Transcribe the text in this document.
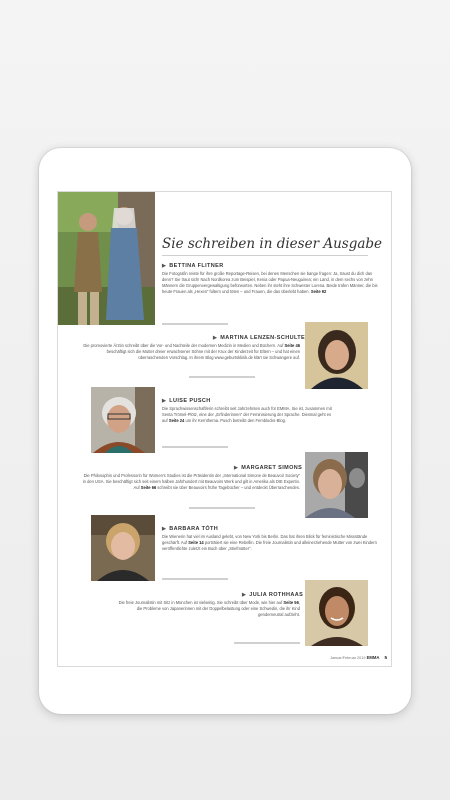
Sie schreiben in dieser Ausgabe
▶ BETTINA FLITNER
Die Fotografin reiste für ihre große Reportage-Reisen, bei denen Menschen sie bange fragen: Ja, traust du dich das denn? Sie traut sich! Nach Nordkorea zum Beispiel, Kenia oder Papua-Neuguinea; ein Land, in dem sechs von zehn Männern die Gruppenvergewaltigung befürworten. Neben ihr steht ihre Schwester Lorena. Beide trafen Männer, die bis heute Frauen als „Hexen“ foltern und töten – und Frauen, die das überlebt haben. Seite 92
▶ MARTINA LENZEN-SCHULTE
Die promovierte Ärztin schreibt über die Vor- und Nachteile der modernen Medizin in Medien und Büchern. Auf Seite 46 beschäftigt sich die Mutter dreier erwachsener Söhne mit der Krux der Kinderzeit für Eltern – und hat einen überraschenden Vorschlag. In ihrem Blog www.geburtsklinik.de klärt sie Schwangere auf.
▶ LUISE PUSCH
Die Sprachwissenschaftlerin schreibt seit Jahrzehnten auch für EMMA. Sie ist, zusammen mit Senta Trömel-Plötz, eine der „Erfinderinnen“ der Feminisierung der Sprache. Diesmal geht es auf Seite 24 um ihr Kernthema. Pusch betreibt den Femblocks-Blog.
▶ MARGARET SIMONS
Die Philosophin und Professorin für Women's Studies ist die Präsidentin der „International Simone de Beauvoir Society“ in den USA. Sie beschäftigt sich seit einem halben Jahrhundert mit Beauvoirs Werk und gilt in Amerika als DIE Expertin. Auf Seite 66 schreibt sie über Beauvoirs frühe Tagebücher – und entdeckt Überraschendes.
▶ BARBARA TÓTH
Die Wienerin hat viel im Ausland gelebt, von New York bis Berlin. Das hat ihren Blick für feministische Missstände geschärft. Auf Seite 14 porträtiert sie eine Rebellin. Die freie Journalistin und alleinerziehende Mutter von zwei Kindern veröffentlichte zuletzt ein Buch über „Stiefmütter“.
▶ JULIA ROTHHAAS
Die freie Journalistin mit Sitz in München ist vielseitig. Sie schreibt über Mode, wie hier auf Seite 56, die Probleme von Japanerinnen mit der Doppelbelastung oder eine Schwedin, die ihr Kind genderneutral aufzieht.
Januar/Februar 2019 EMMA 5
